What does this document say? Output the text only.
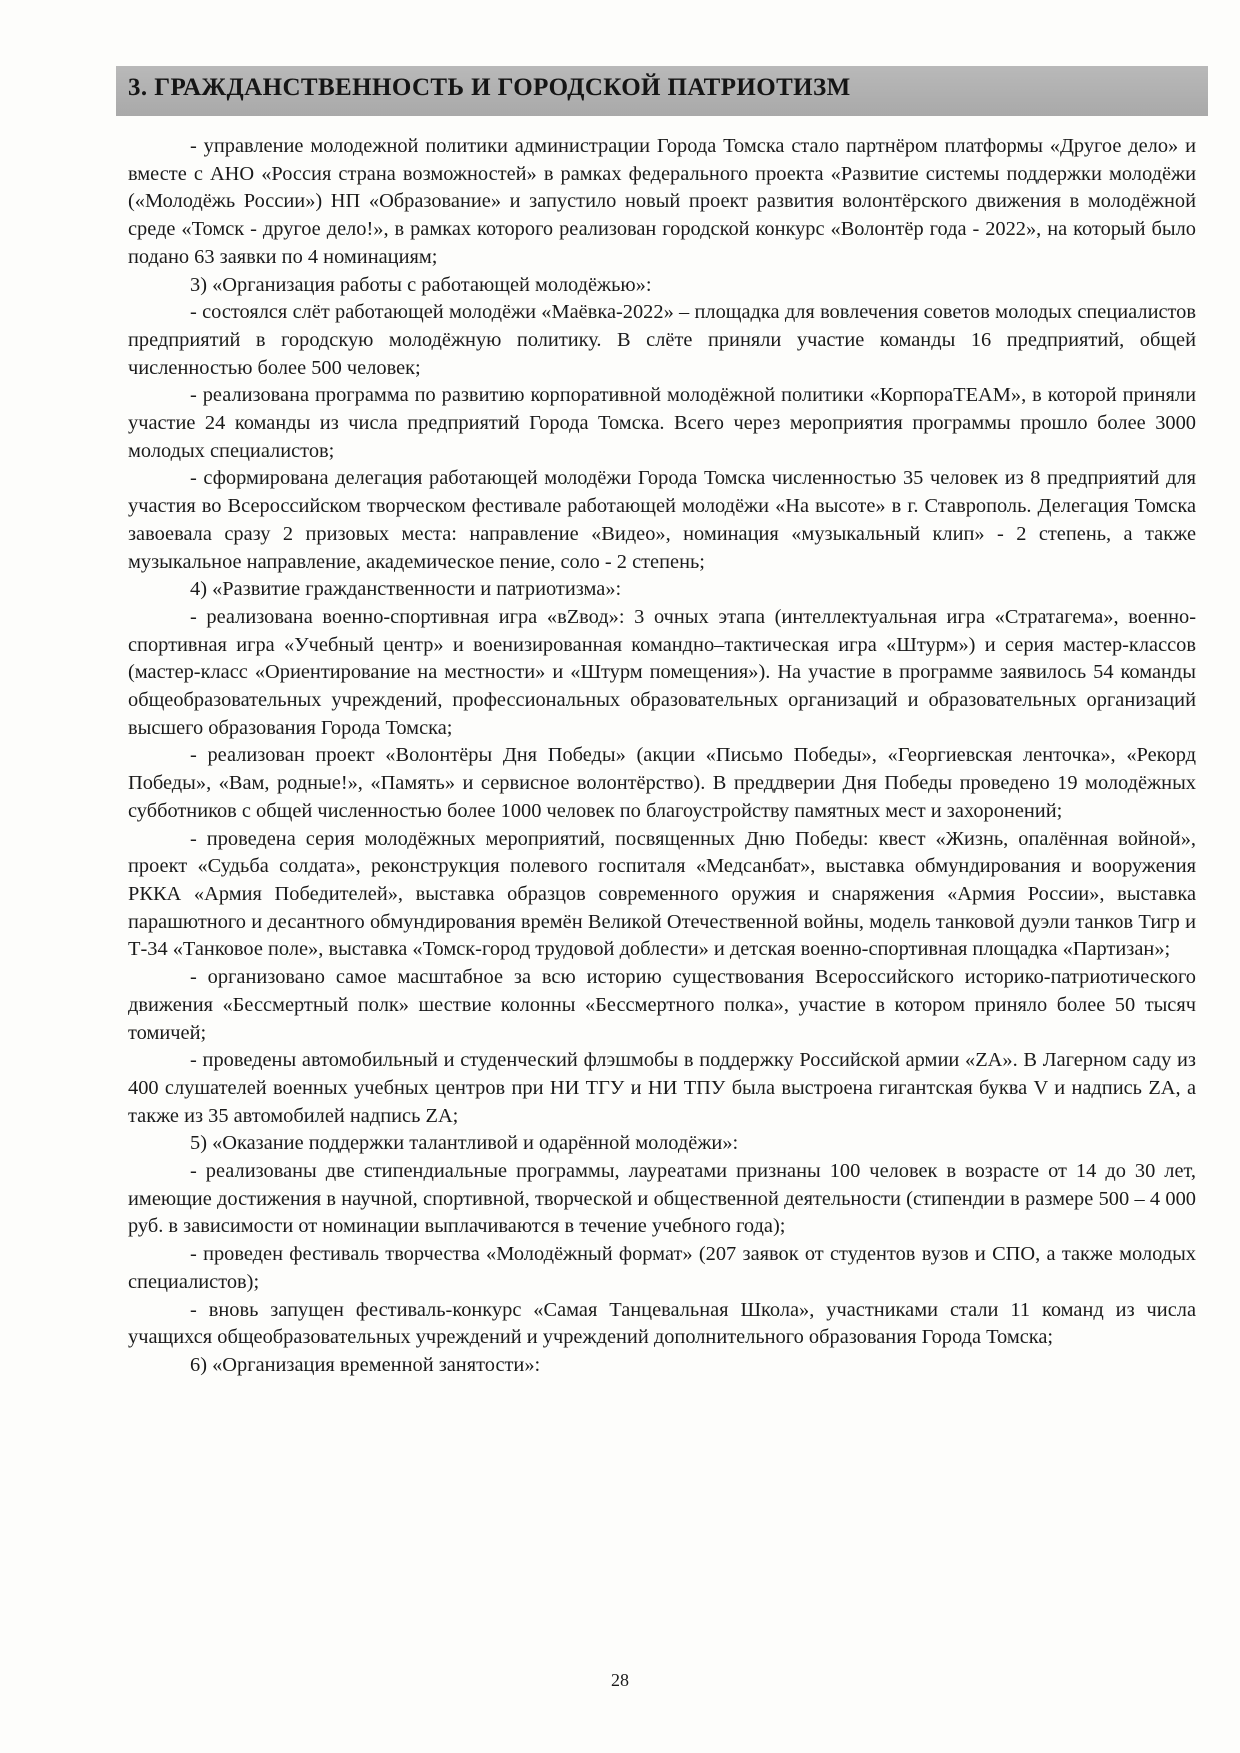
3. ГРАЖДАНСТВЕННОСТЬ И ГОРОДСКОЙ ПАТРИОТИЗМ

- управление молодежной политики администрации Города Томска стало партнёром платформы «Другое дело» и вместе с АНО «Россия страна возможностей» в рамках федерального проекта «Развитие системы поддержки молодёжи («Молодёжь России») НП «Образование» и запустило новый проект развития волонтёрского движения в молодёжной среде «Томск - другое дело!», в рамках которого реализован городской конкурс «Волонтёр года - 2022», на который было подано 63 заявки по 4 номинациям;

3) «Организация работы с работающей молодёжью»:

- состоялся слёт работающей молодёжи «Маёвка-2022» – площадка для вовлечения советов молодых специалистов предприятий в городскую молодёжную политику. В слёте приняли участие команды 16 предприятий, общей численностью более 500 человек;

- реализована программа по развитию корпоративной молодёжной политики «КорпораТЕАМ», в которой приняли участие 24 команды из числа предприятий Города Томска. Всего через мероприятия программы прошло более 3000 молодых специалистов;

- сформирована делегация работающей молодёжи Города Томска численностью 35 человек из 8 предприятий для участия во Всероссийском творческом фестивале работающей молодёжи «На высоте» в г. Ставрополь. Делегация Томска завоевала сразу 2 призовых места: направление «Видео», номинация «музыкальный клип» - 2 степень, а также музыкальное направление, академическое пение, соло - 2 степень;

4) «Развитие гражданственности и патриотизма»:

- реализована военно-спортивная игра «вZвод»: 3 очных этапа (интеллектуальная игра «Стратагема», военно-спортивная игра «Учебный центр» и военизированная командно–тактическая игра «Штурм») и серия мастер-классов (мастер-класс «Ориентирование на местности» и «Штурм помещения»). На участие в программе заявилось 54 команды общеобразовательных учреждений, профессиональных образовательных организаций и образовательных организаций высшего образования Города Томска;

- реализован проект «Волонтёры Дня Победы» (акции «Письмо Победы», «Георгиевская ленточка», «Рекорд Победы», «Вам, родные!», «Память» и сервисное волонтёрство). В преддверии Дня Победы проведено 19 молодёжных субботников с общей численностью более 1000 человек по благоустройству памятных мест и захоронений;

- проведена серия молодёжных мероприятий, посвященных Дню Победы: квест «Жизнь, опалённая войной», проект «Судьба солдата», реконструкция полевого госпиталя «Медсанбат», выставка обмундирования и вооружения РККА «Армия Победителей», выставка образцов современного оружия и снаряжения «Армия России», выставка парашютного и десантного обмундирования времён Великой Отечественной войны, модель танковой дуэли танков Тигр и Т-34 «Танковое поле», выставка «Томск-город трудовой доблести» и детская военно-спортивная площадка «Партизан»;

- организовано самое масштабное за всю историю существования Всероссийского историко-патриотического движения «Бессмертный полк» шествие колонны «Бессмертного полка», участие в котором приняло более 50 тысяч томичей;

- проведены автомобильный и студенческий флэшмобы в поддержку Российской армии «ZA». В Лагерном саду из 400 слушателей военных учебных центров при НИ ТГУ и НИ ТПУ была выстроена гигантская буква V и надпись ZA, а также из 35 автомобилей надпись ZA;

5) «Оказание поддержки талантливой и одарённой молодёжи»:

- реализованы две стипендиальные программы, лауреатами признаны 100 человек в возрасте от 14 до 30 лет, имеющие достижения в научной, спортивной, творческой и общественной деятельности (стипендии в размере 500 – 4 000 руб. в зависимости от номинации выплачиваются в течение учебного года);

- проведен фестиваль творчества «Молодёжный формат» (207 заявок от студентов вузов и СПО, а также молодых специалистов);

- вновь запущен фестиваль-конкурс «Самая Танцевальная Школа», участниками стали 11 команд из числа учащихся общеобразовательных учреждений и учреждений дополнительного образования Города Томска;

6) «Организация временной занятости»:

28
